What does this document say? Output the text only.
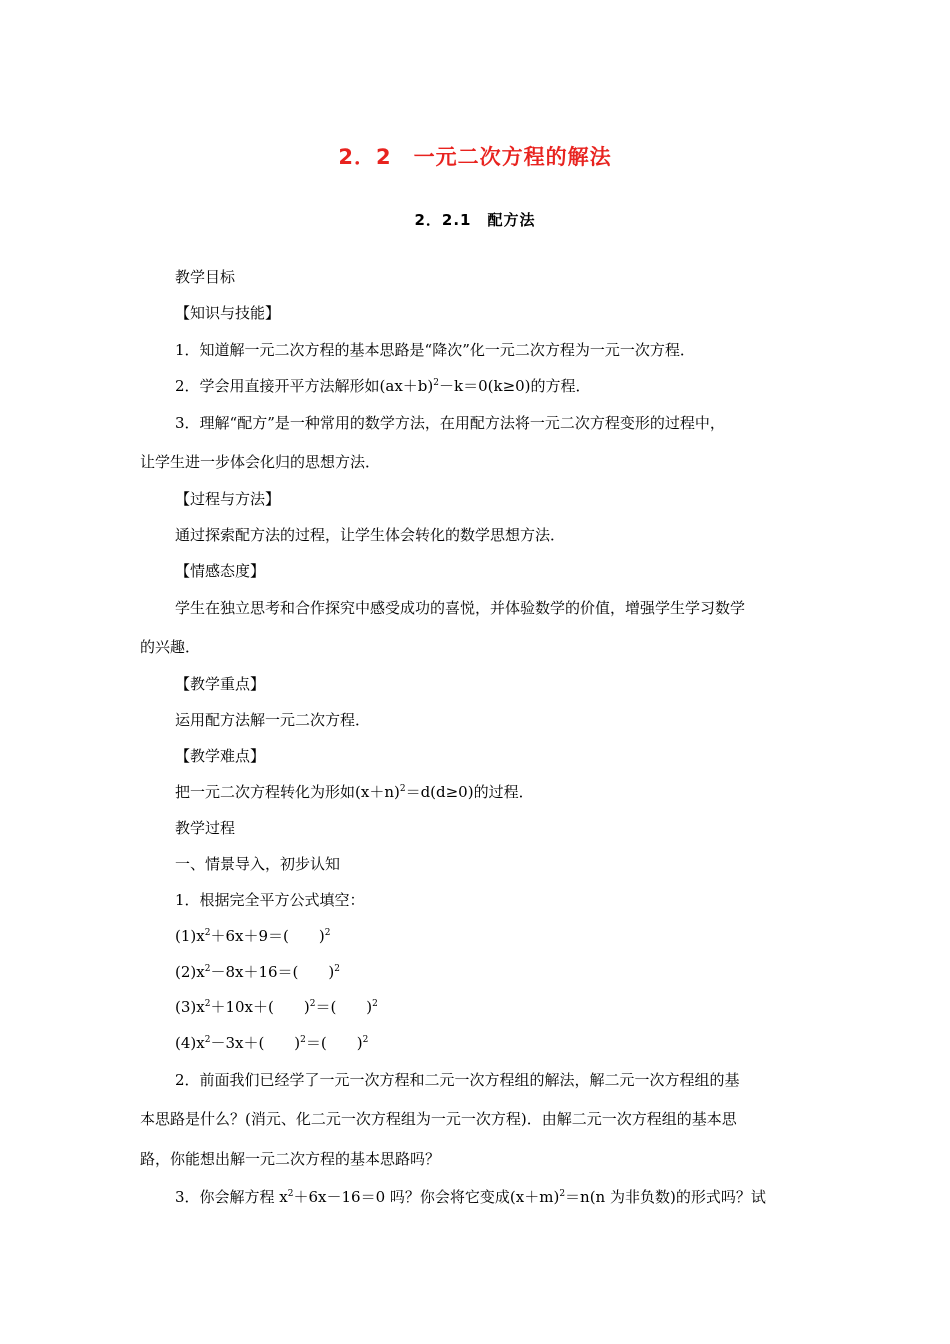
2．2　一元二次方程的解法
2．2.1　配方法
教学目标
【知识与技能】
1．知道解一元二次方程的基本思路是“降次”化一元二次方程为一元一次方程．
2．学会用直接开平方法解形如$(ax+b)^2-k=0(k\ge 0)$的方程．
3．理解“配方”是一种常用的数学方法，在用配方法将一元二次方程变形的过程中，
让学生进一步体会化归的思想方法．
【过程与方法】
通过探索配方法的过程，让学生体会转化的数学思想方法．
【情感态度】
学生在独立思考和合作探究中感受成功的喜悦，并体验数学的价值，增强学生学习数学
的兴趣．
【教学重点】
运用配方法解一元二次方程．
【教学难点】
把一元二次方程转化为形如$(x+n)^2=d(d\ge 0)$的过程．
教学过程
一、情景导入，初步认知
1．根据完全平方公式填空：
$(1)x^2+6x+9=$(　　)$^2$
$(2)x^2-8x+16=$(　　)$^2$
$(3)x^2+10x+$(　　)$^2$＝(　　)$^2$
$(4)x^2-3x+$(　　)$^2$＝(　　)$^2$
2．前面我们已经学了一元一次方程和二元一次方程组的解法，解二元一次方程组的基
本思路是什么？(消元、化二元一次方程组为一元一次方程)．由解二元一次方程组的基本思
路，你能想出解一元二次方程的基本思路吗？
3．你会解方程 $x^2+6x-16=0$ 吗？你会将它变成$(x+m)^2=n(n$ 为非负数)的形式吗？试
